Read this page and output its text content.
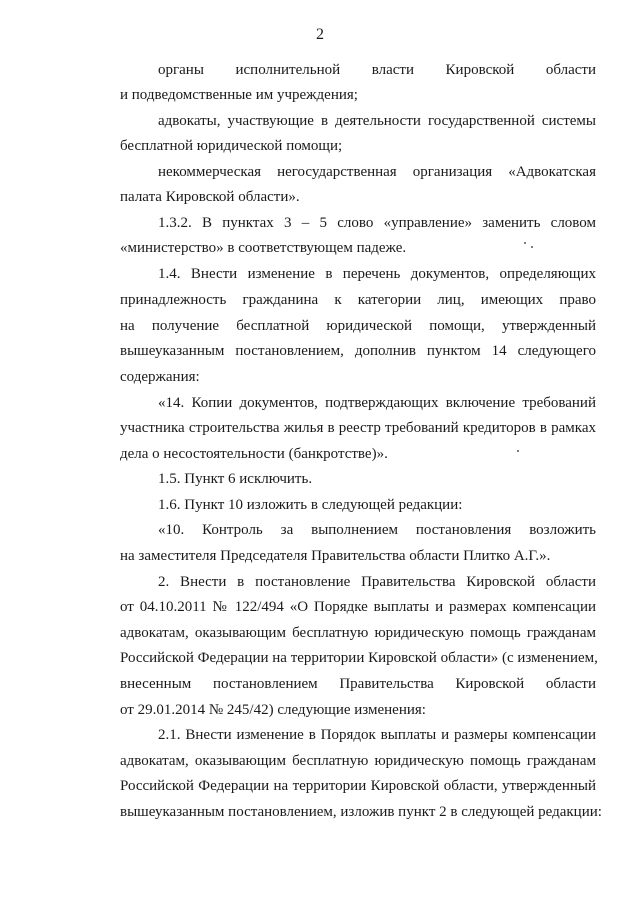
2
органы исполнительной власти Кировской области
и подведомственные им учреждения;
адвокаты, участвующие в деятельности государственной системы
бесплатной юридической помощи;
некоммерческая негосударственная организация «Адвокатская
палата Кировской области».
1.3.2. В пунктах 3 – 5 слово «управление» заменить словом
«министерство» в соответствующем падеже.
1.4. Внести изменение в перечень документов, определяющих
принадлежность гражданина к категории лиц, имеющих право
на получение бесплатной юридической помощи, утвержденный
вышеуказанным постановлением, дополнив пунктом 14 следующего
содержания:
«14. Копии документов, подтверждающих включение требований
участника строительства жилья в реестр требований кредиторов в рамках
дела о несостоятельности (банкротстве)».
1.5. Пункт 6 исключить.
1.6. Пункт 10 изложить в следующей редакции:
«10. Контроль за выполнением постановления возложить
на заместителя Председателя Правительства области Плитко А.Г.».
2. Внести в постановление Правительства Кировской области
от 04.10.2011 № 122/494 «О Порядке выплаты и размерах компенсации
адвокатам, оказывающим бесплатную юридическую помощь гражданам
Российской Федерации на территории Кировской области» (с изменением,
внесенным постановлением Правительства Кировской области
от 29.01.2014 № 245/42) следующие изменения:
2.1. Внести изменение в Порядок выплаты и размеры компенсации
адвокатам, оказывающим бесплатную юридическую помощь гражданам
Российской Федерации на территории Кировской области, утвержденный
вышеуказанным постановлением, изложив пункт 2 в следующей редакции:
